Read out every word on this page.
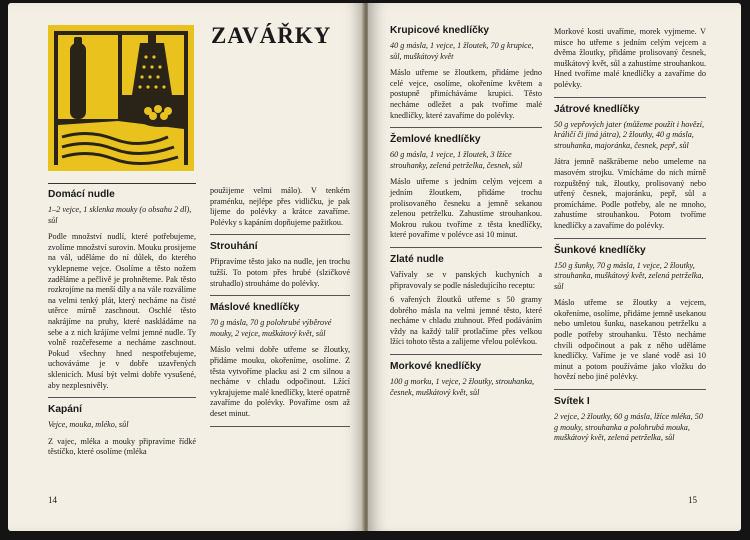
ZAVÁŘKY
Domácí nudle

1–2 vejce, 1 sklenka mouky (o obsahu 2 dl), sůl

Podle množství nudlí, které potřebujeme, zvolíme množství surovin. Mouku prosijeme na vál, uděláme do ní důlek, do kterého vyklepneme vejce. Osolíme a těsto nožem zaděláme a pečlivě je prohněteme. Pak těsto rozkrojíme na menší díly a na vále rozválíme na velmi tenký plát, který necháme na čisté utěrce mírně zaschnout. Oschlé těsto nakrájíme na pruhy, které naskládáme na sebe a z nich krájíme velmi jemné nudle. Ty volně rozčeřeseme a necháme zaschnout. Pokud všechny hned nespotřebujeme, uchováváme je v dobře uzavřených sklenicích. Musí být velmi dobře vysušené, aby nezplesnivěly.

Kapání

Vejce, mouka, mléko, sůl

Z vajec, mléka a mouky připravíme řídké těstíčko, které osolíme (mléka

použijeme velmi málo). V tenkém praménku, nejlépe přes vidličku, je pak lijeme do polévky a krátce zavaříme. Polévky s kapáním dopňujeme pažitkou.

Strouhání

Připravíme těsto jako na nudle, jen trochu tužší. To potom přes hrubé (slzičkové struhadlo) strouháme do polévky.

Máslové knedlíčky

70 g másla, 70 g polohrubé výběrové mouky, 2 vejce, muškátový květ, sůl

Máslo velmi dobře utřeme se žloutky, přidáme mouku, okořeníme, osolíme. Z těsta vytvoříme placku asi 2 cm silnou a necháme v chladu odpočinout. Lžící vykrajujeme malé knedlíčky, které opatrně zavaříme do polévky. Povaříme osm až deset minut.

14
Krupicové knedlíčky

40 g másla, 1 vejce, 1 žloutek, 70 g krupice, sůl, muškátový květ

Máslo utřeme se žloutkem, přidáme jedno celé vejce, osolíme, okořeníme květem a postupně přimícháváme krupici. Těsto necháme odležet a pak tvoříme malé knedlíčky, které zavaříme do polévky.

Žemlové knedlíčky

60 g másla, 1 vejce, 1 žloutek, 3 lžíce strouhanky, zelená petrželka, česnek, sůl

Máslo utřeme s jedním celým vejcem a jedním žloutkem, přidáme trochu prolisovaného česneku a jemně sekanou zelenou petrželku. Zahustíme strouhankou. Mokrou rukou tvoříme z těsta knedlíčky, které povaříme v polévce asi 10 minut.

Zlaté nudle

Vařívaly se v panských kuchyních a připravovaly se podle následujícího receptu:

6 vařených žloutků utřeme s 50 gramy dobrého másla na velmi jemné těsto, které necháme v chladu ztuhnout. Před podáváním vždy na každý talíř protlačíme přes velkou lžíci tohoto těsta a zalijeme vřelou polévkou.

Morkové knedlíčky

100 g morku, 1 vejce, 2 žloutky, strouhanka, česnek, muškátový květ, sůl

Morkové kosti uvaříme, morek vyjmeme. V misce ho utřeme s jedním celým vejcem a dvěma žloutky, přidáme prolisovaný česnek, muškátový květ, sůl a zahustíme strouhankou. Hned tvoříme malé knedlíčky a zavaříme do polévky.

Játrové knedlíčky

50 g vepřových jater (můžeme použít i hovězí, králičí či jiná játra), 2 žloutky, 40 g másla, strouhanka, majoránka, česnek, pepř, sůl

Játra jemně naškrábeme nebo umeleme na masovém strojku. Vmícháme do nich mírně rozpuštěný tuk, žloutky, prolisovaný nebo utřený česnek, majoránku, pepř, sůl a promícháme. Podle potřeby, ale ne mnoho, zahustíme strouhankou. Potom tvoříme knedlíčky a zavaříme do polévky.

Šunkové knedlíčky

150 g šunky, 70 g másla, 1 vejce, 2 žloutky, strouhanka, muškátový květ, zelená petrželka, sůl

Máslo utřeme se žloutky a vejcem, okořeníme, osolíme, přidáme jemně usekanou nebo umletou šunku, nasekanou petrželku a podle potřeby strouhanku. Těsto necháme chvíli odpočinout a pak z něho uděláme knedlíčky. Vaříme je ve slané vodě asi 10 minut a potom používáme jako vložku do hovězí nebo jiné polévky.

Svítek I

2 vejce, 2 žloutky, 60 g másla, lžíce mléka, 50 g mouky, strouhanka a polohrubá mouka, muškátový květ, zelená petrželka, sůl

15
